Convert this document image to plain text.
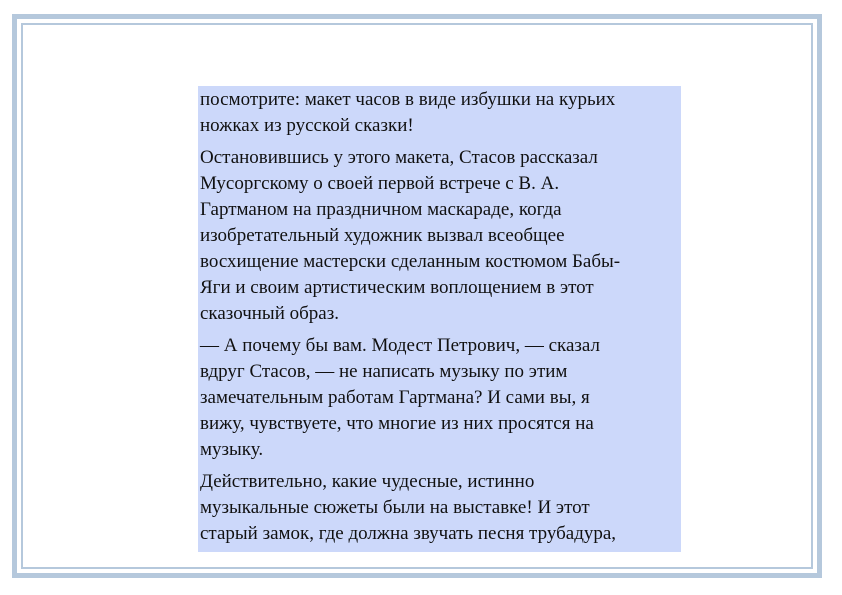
посмотрите: макет часов в виде избушки на курьих
ножках из русской сказки!

Остановившись у этого макета, Стасов рассказал
Мусоргскому о своей первой встрече с В. А.
Гартманом на праздничном маскараде, когда
изобретательный художник вызвал всеобщее
восхищение мастерски сделанным костюмом Бабы-
Яги и своим артистическим воплощением в этот
сказочный образ.

— А почему бы вам. Модест Петрович, — сказал
вдруг Стасов, — не написать музыку по этим
замечательным работам Гартмана? И сами вы, я
вижу, чувствуете, что многие из них просятся на
музыку.

Действительно, какие чудесные, истинно
музыкальные сюжеты были на выставке! И этот
старый замок, где должна звучать песня трубадура,
